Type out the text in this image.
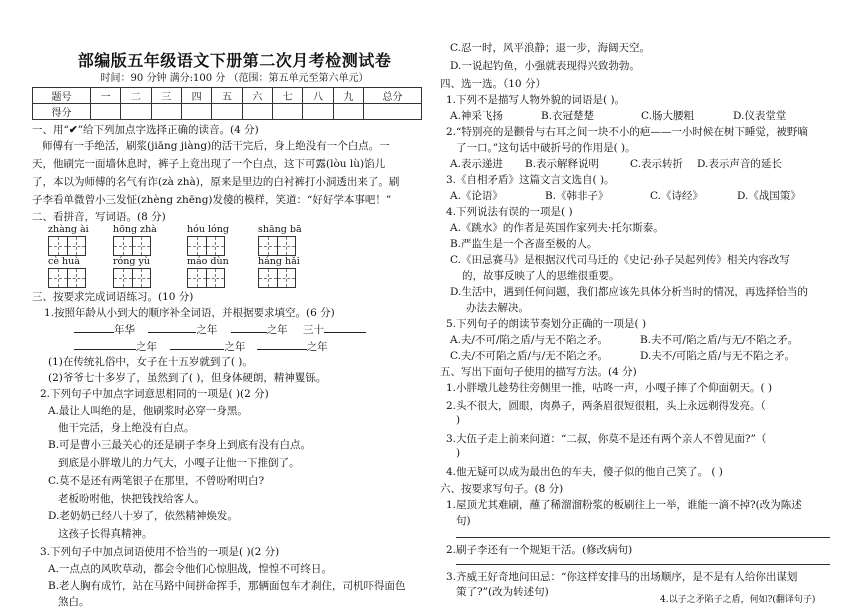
部编版五年级语文下册第二次月考检测试卷
时间：90 分钟 满分:100 分 （范围：第五单元至第六单元）
题号	一	二	三	四	五	六	七	八	九	总分
得分										
一、用“✔”给下列加点字选择正确的读音。(4 分)
师傅有一手绝活，刷浆(jiāng jiàng)的活干完后，身上绝没有一个白点。一
天，他刷完一面墙休息时，裤子上竟出现了一个白点，这下可露(lòu lù)馅儿
了，本以为师傅的名气有诈(zà zhà)，原来是里边的白衬裤打小洞透出来了。刷
子李看单微曾小三发怔(zhèng zhēng)发傻的模样，笑道：“好好学本事吧！”
二、看拼音，写词语。(8 分)
zhàng ài	hōng zhà	hóu lóng	shāng bā
cè huà	róng yù	máo dùn	háng hǎi
三、按要求完成词语练习。(10 分)
1.按照年龄从小到大的顺序补全词语，并根据要求填空。(6 分)
年华	之年	之年 三十
之年	之年	之年
(1)在传统礼俗中，女子在十五岁就到了( )。
(2)爷爷七十多岁了，虽然到了( )，但身体硬朗，精神矍铄。
2.下列句子中加点字词意思相同的一项是( )(2 分)
A.最让人叫绝的是，他刷浆时必穿一身黑。
他干完活，身上绝没有白点。
B.可是曹小三最关心的还是刷子李身上到底有没有白点。
到底是小胖墩儿的力气大，小嘎子让他一下推倒了。
C.莫不是还有两笔银子在那里，不曾吩咐明白?
老板吩咐他，快把钱找给客人。
D.老奶奶已经八十岁了，依然精神焕发。
这孩子长得真精神。
3.下列句子中加点词语使用不恰当的一项是( )(2 分)
A.一点点的风吹草动，都会令他们心惊胆战，惶惶不可终日。
B.老人胸有成竹，站在马路中间拼命挥手，那辆面包车才刹住，司机吓得面色
煞白。
C.忍一时，风平浪静；退一步，海阔天空。
D.一说起钓鱼，小强就表现得兴致勃勃。
四、选一选。（10 分）
1.下列不是描写人物外貌的词语是( )。
A.神采飞扬	B.衣冠楚楚	C.肠大腰粗	D.仪表堂堂
2.“特别亮的是颧骨与右耳之间一块不小的疤——一小时候在树下睡觉，被野嘀
了一口。”这句话中破折号的作用是( )。
A.表示递进 B.表示解释说明	C.表示转折 D.表示声音的延长
3.《自相矛盾》这篇文言文选自( )。
A.《论语》	B.《韩非子》	C.《诗经》	D.《战国策》
4.下列说法有误的一项是( )
A.《跳水》的作者是英国作家列夫·托尔斯泰。
B.严监生是一个吝啬至极的人。
C.《田忌赛马》是根据汉代司马迁的《史记·孙子吴起列传》相关内容改写
的，故事反映了人的思维很重要。
D.生活中，遇到任何问题，我们都应该先具体分析当时的情况，再选择恰当的
办法去解决。
5.下列句子的朗读节奏划分正确的一项是( )
A.夫/不可/陷之盾/与无不陷之矛。	B.夫不可/陷之盾/与无/不陷之矛。
C.夫/不可陷之盾/与/无不陷之矛。	D.夫不/可陷之盾/与无不陷之矛。
五、写出下面句子使用的描写方法。(4 分)
1.小胖墩儿趁势往旁侧里一推，咕咚一声，小嘎子摔了个仰面朝天。( )
2.头不很大，圆眼，肉鼻子，两条眉很短很粗，头上永远剃得发亮。（
)
3.大伍子走上前来问道：“二叔，你莫不是还有两个亲人不曾见面?”（
)
4.他无疑可以成为最出色的车夫，傻子似的他自己笑了。 ( )
六、按要求写句子。(8 分)
1.屋顶尤其难刷，蘸了稀溜溜粉浆的板刷往上一举，谁能一滴不掉?(改为陈述
句)
2.刷子李还有一个规矩干活。(修改病句)
3.齐威王好奇地问田忌：“你这样安排马的出场顺序，是不是有人给你出谋划
策了?”(改为转述句)
4.以子之矛陷子之盾，何如?(翻译句子)
